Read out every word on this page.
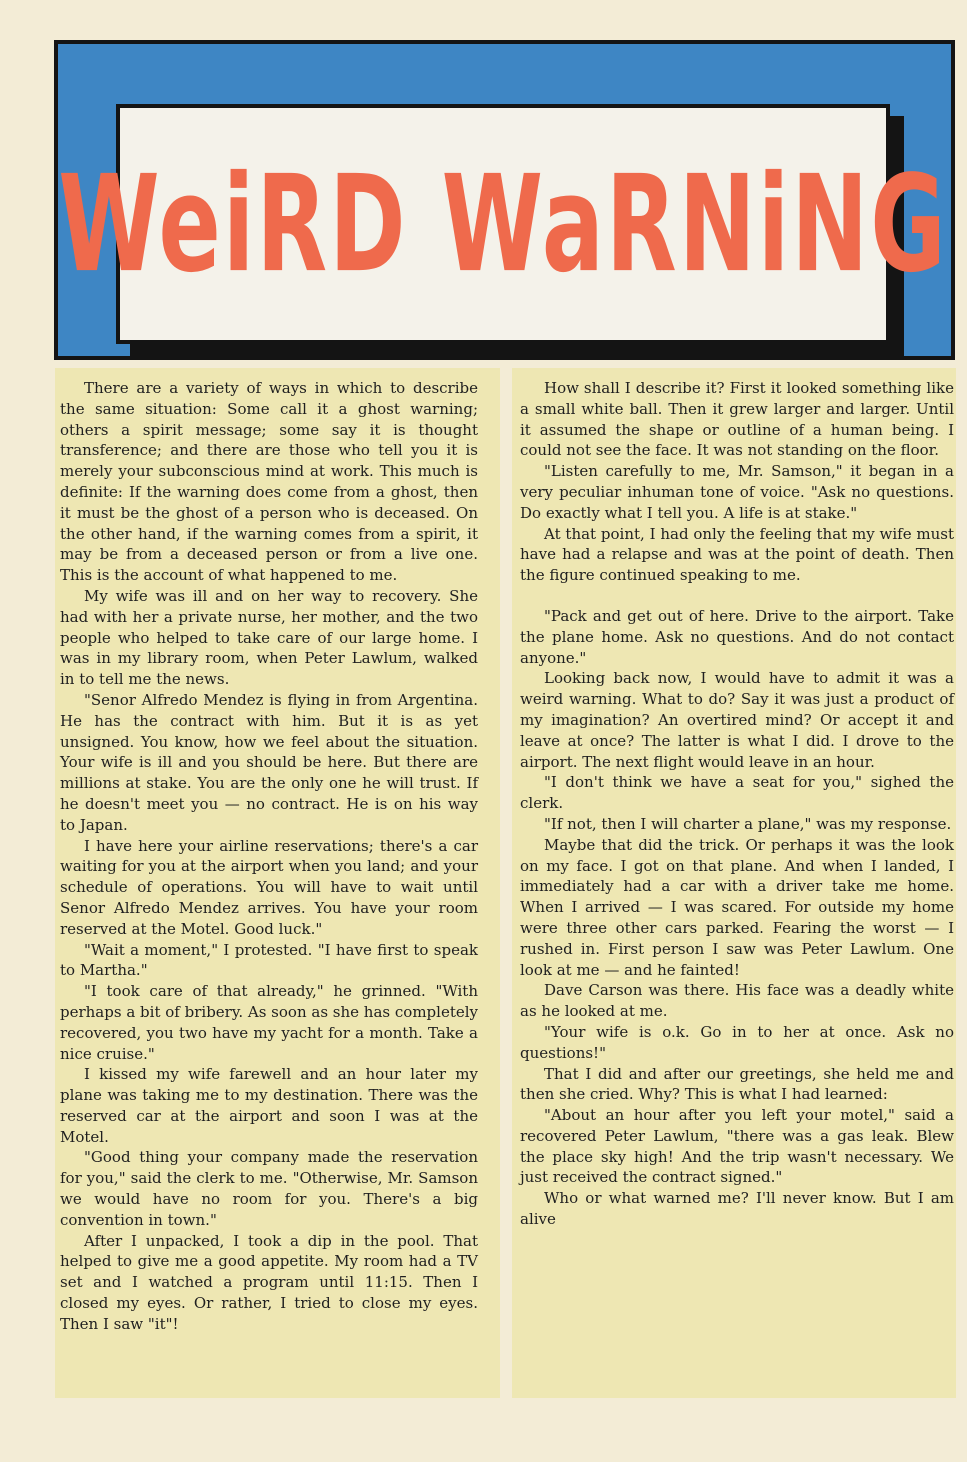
WeiRD WaRNiNG

There are a variety of ways in which to describe the same situation: Some call it a ghost warning; others a spirit message; some say it is thought transference; and there are those who tell you it is merely your subconscious mind at work. This much is definite: If the warning does come from a ghost, then it must be the ghost of a person who is deceased. On the other hand, if the warning comes from a spirit, it may be from a deceased person or from a live one. This is the account of what happened to me.

My wife was ill and on her way to recovery. She had with her a private nurse, her mother, and the two people who helped to take care of our large home. I was in my library room, when Peter Lawlum, walked in to tell me the news.

"Senor Alfredo Mendez is flying in from Argentina. He has the contract with him. But it is as yet unsigned. You know, how we feel about the situation. Your wife is ill and you should be here. But there are millions at stake. You are the only one he will trust. If he doesn't meet you — no contract. He is on his way to Japan.

I have here your airline reservations; there's a car waiting for you at the airport when you land; and your schedule of operations. You will have to wait until Senor Alfredo Mendez arrives. You have your room reserved at the Motel. Good luck."

"Wait a moment," I protested. "I have first to speak to Martha."

"I took care of that already," he grinned. "With perhaps a bit of bribery. As soon as she has completely recovered, you two have my yacht for a month. Take a nice cruise."

I kissed my wife farewell and an hour later my plane was taking me to my destination. There was the reserved car at the airport and soon I was at the Motel.

"Good thing your company made the reservation for you," said the clerk to me. "Otherwise, Mr. Samson we would have no room for you. There's a big convention in town."

After I unpacked, I took a dip in the pool. That helped to give me a good appetite. My room had a TV set and I watched a program until 11:15. Then I closed my eyes. Or rather, I tried to close my eyes. Then I saw "it"!

How shall I describe it? First it looked something like a small white ball. Then it grew larger and larger. Until it assumed the shape or outline of a human being. I could not see the face. It was not standing on the floor.

"Listen carefully to me, Mr. Samson," it began in a very peculiar inhuman tone of voice. "Ask no questions. Do exactly what I tell you. A life is at stake."

At that point, I had only the feeling that my wife must have had a relapse and was at the point of death. Then the figure continued speaking to me.

"Pack and get out of here. Drive to the airport. Take the plane home. Ask no questions. And do not contact anyone."

Looking back now, I would have to admit it was a weird warning. What to do? Say it was just a product of my imagination? An overtired mind? Or accept it and leave at once? The latter is what I did. I drove to the airport. The next flight would leave in an hour.

"I don't think we have a seat for you," sighed the clerk.

"If not, then I will charter a plane," was my response.

Maybe that did the trick. Or perhaps it was the look on my face. I got on that plane. And when I landed, I immediately had a car with a driver take me home. When I arrived — I was scared. For outside my home were three other cars parked. Fearing the worst — I rushed in. First person I saw was Peter Lawlum. One look at me — and he fainted!

Dave Carson was there. His face was a deadly white as he looked at me.

"Your wife is o.k. Go in to her at once. Ask no questions!"

That I did and after our greetings, she held me and then she cried. Why? This is what I had learned:

"About an hour after you left your motel," said a recovered Peter Lawlum, "there was a gas leak. Blew the place sky high! And the trip wasn't necessary. We just received the contract signed."

Who or what warned me? I'll never know. But I am alive
